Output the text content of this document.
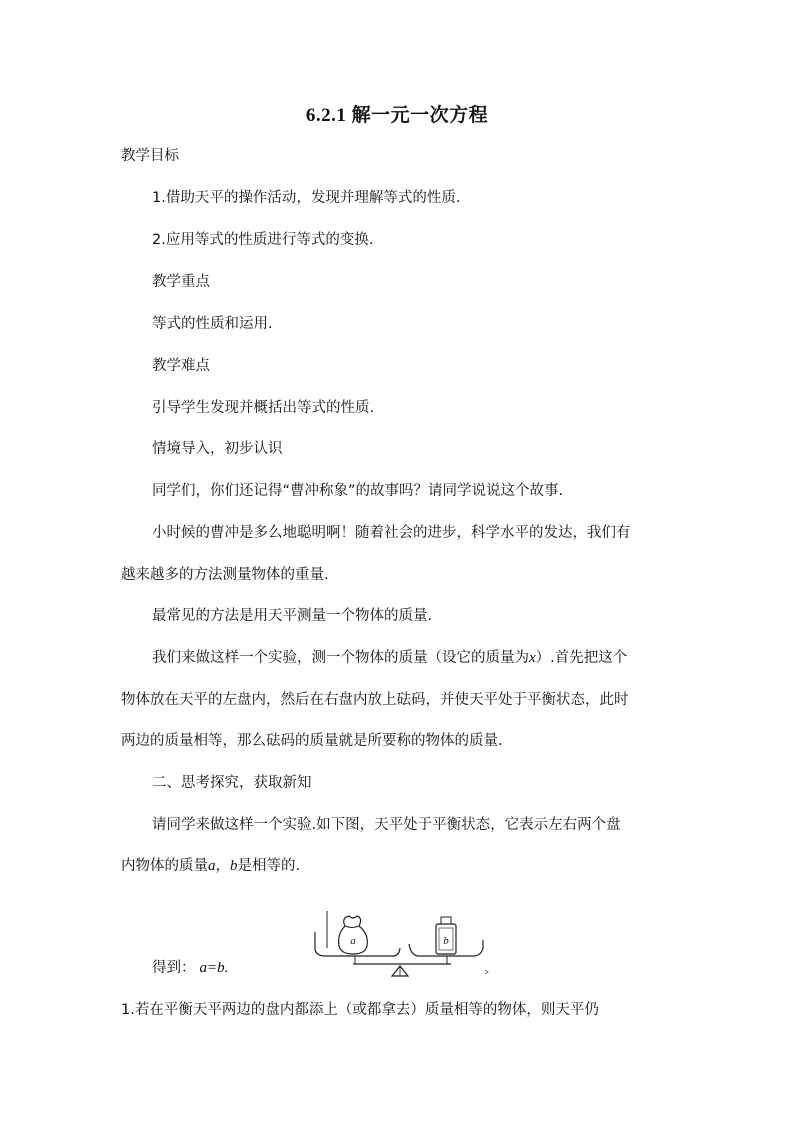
6.2.1 解一元一次方程
教学目标
1.借助天平的操作活动，发现并理解等式的性质.
2.应用等式的性质进行等式的变换.
教学重点
等式的性质和运用.
教学难点
引导学生发现并概括出等式的性质.
情境导入，初步认识
同学们，你们还记得“曹冲称象”的故事吗？请同学说说这个故事.
小时候的曹冲是多么地聪明啊！随着社会的进步，科学水平的发达，我们有
越来越多的方法测量物体的重量.
最常见的方法是用天平测量一个物体的质量.
我们来做这样一个实验，测一个物体的质量（设它的质量为x）.首先把这个
物体放在天平的左盘内，然后在右盘内放上砝码，并使天平处于平衡状态，此时
两边的质量相等，那么砝码的质量就是所要称的物体的质量.
二、思考探究，获取新知
请同学来做这样一个实验.如下图，天平处于平衡状态，它表示左右两个盘
内物体的质量a，b是相等的.
得到： a=b.
a	b
1.若在平衡天平两边的盘内都添上（或都拿去）质量相等的物体，则天平仍
